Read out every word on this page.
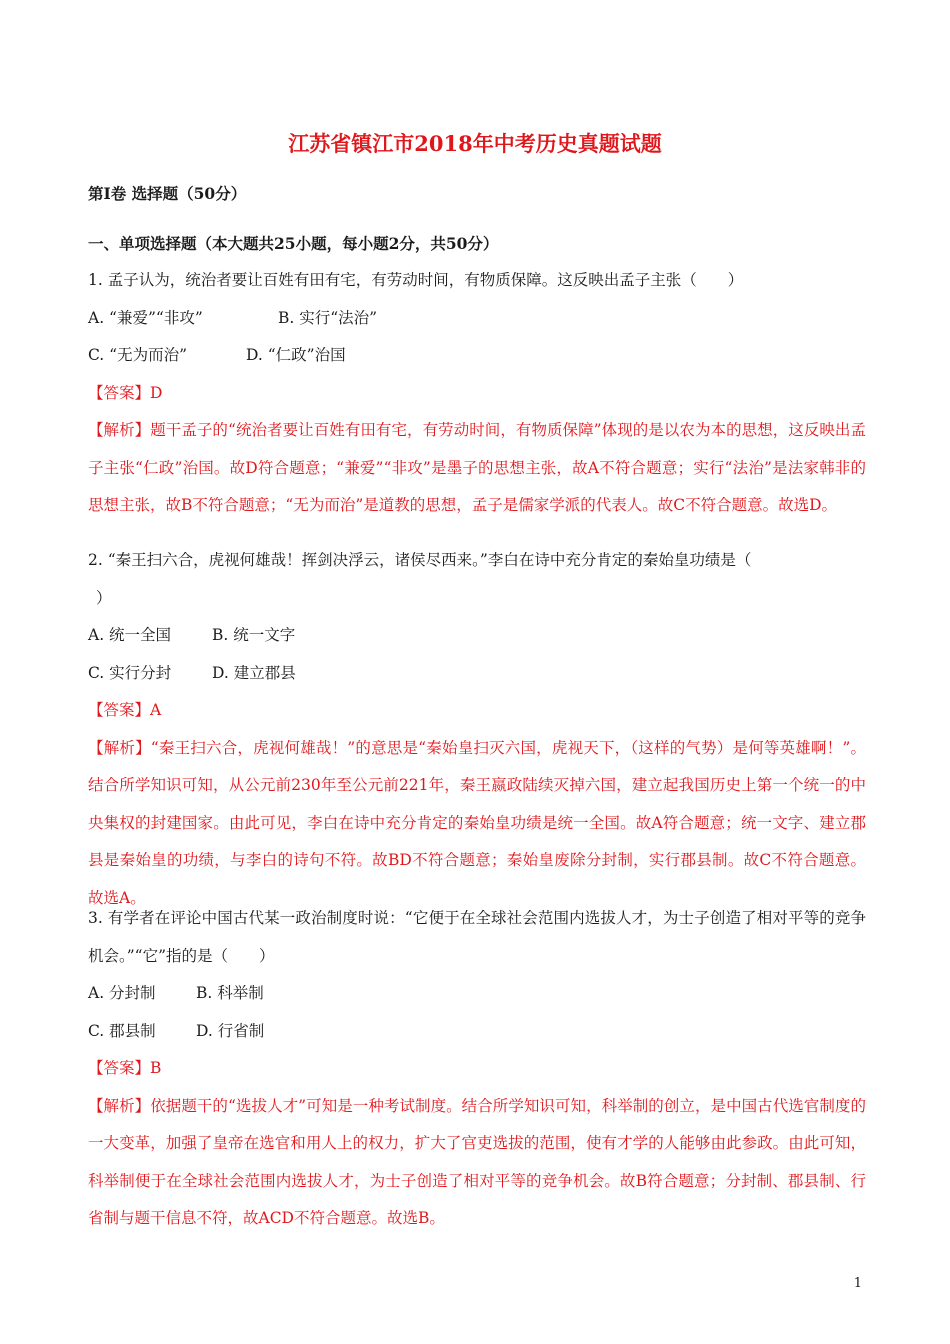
江苏省镇江市2018年中考历史真题试题
第Ⅰ卷 选择题（50分）
一、单项选择题（本大题共25小题，每小题2分，共50分）
1. 孟子认为，统治者要让百姓有田有宅，有劳动时间，有物质保障。这反映出孟子主张（　　）
A. “兼爱”“非攻”	B. 实行“法治”
C. “无为而治”	D. “仁政”治国
【答案】D
【解析】题干孟子的“统治者要让百姓有田有宅，有劳动时间，有物质保障”体现的是以农为本的思想，这反映出孟子主张“仁政”治国。故D符合题意；“兼爱”“非攻”是墨子的思想主张，故A不符合题意；实行“法治”是法家韩非的思想主张，故B不符合题意；“无为而治”是道教的思想，孟子是儒家学派的代表人。故C不符合题意。故选D。
2. “秦王扫六合，虎视何雄哉！挥剑决浮云，诸侯尽西来。”李白在诗中充分肯定的秦始皇功绩是（
）
A. 统一全国	B. 统一文字
C. 实行分封	D. 建立郡县
【答案】A
【解析】“秦王扫六合，虎视何雄哉！”的意思是“秦始皇扫灭六国，虎视天下，（这样的气势）是何等英雄啊！”。结合所学知识可知，从公元前230年至公元前221年，秦王嬴政陆续灭掉六国，建立起我国历史上第一个统一的中央集权的封建国家。由此可见，李白在诗中充分肯定的秦始皇功绩是统一全国。故A符合题意；统一文字、建立郡县是秦始皇的功绩，与李白的诗句不符。故BD不符合题意；秦始皇废除分封制，实行郡县制。故C不符合题意。故选A。
3. 有学者在评论中国古代某一政治制度时说：“它便于在全球社会范围内选拔人才，为士子创造了相对平等的竞争机会。”“它”指的是（　　）
A. 分封制	B. 科举制
C. 郡县制	D. 行省制
【答案】B
【解析】依据题干的“选拔人才”可知是一种考试制度。结合所学知识可知，科举制的创立，是中国古代选官制度的一大变革，加强了皇帝在选官和用人上的权力，扩大了官吏选拔的范围，使有才学的人能够由此参政。由此可知，科举制便于在全球社会范围内选拔人才，为士子创造了相对平等的竞争机会。故B符合题意；分封制、郡县制、行省制与题干信息不符，故ACD不符合题意。故选B。
1
